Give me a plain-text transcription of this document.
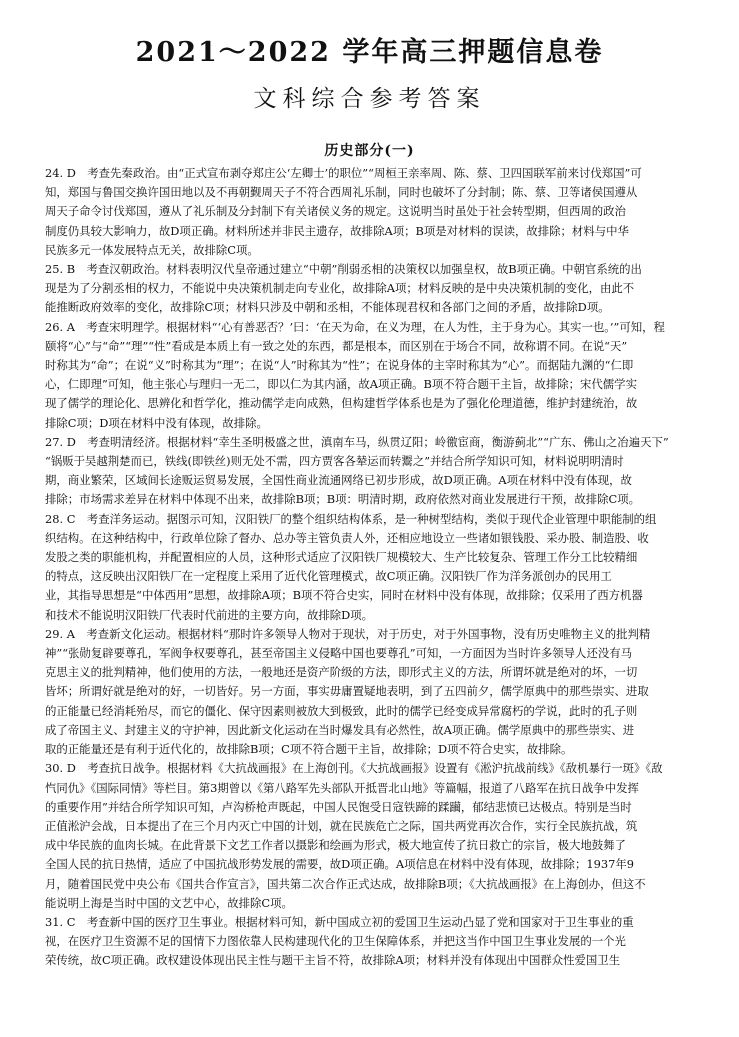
2021～2022 学年高三押题信息卷
文科综合参考答案
历史部分(一)
24. D　考查先秦政治。由“正式宣布剥夺郑庄公‘左卿士’的职位”“周桓王亲率周、陈、蔡、卫四国联军前来讨伐郑国”可
知，郑国与鲁国交换许国田地以及不再朝觐周天子不符合西周礼乐制，同时也破坏了分封制；陈、蔡、卫等诸侯国遵从
周天子命令讨伐郑国，遵从了礼乐制及分封制下有关诸侯义务的规定。这说明当时虽处于社会转型期，但西周的政治
制度仍具较大影响力，故D项正确。材料所述并非民主遗存，故排除A项；B项是对材料的误读，故排除；材料与中华
民族多元一体发展特点无关，故排除C项。
25. B　考查汉朝政治。材料表明汉代皇帝通过建立“中朝”削弱丞相的决策权以加强皇权，故B项正确。中朝官系统的出
现是为了分割丞相的权力，不能说中央决策机制走向专业化，故排除A项；材料反映的是中央决策机制的变化，由此不
能推断政府效率的变化，故排除C项；材料只涉及中朝和丞相，不能体现君权和各部门之间的矛盾，故排除D项。
26. A　考查宋明理学。根据材料“‘心有善恶否？’曰：‘在天为命，在义为理，在人为性，主于身为心。其实一也。’”可知，程
颐将“心”与“命”“理”“性”看成是本质上有一致之处的东西，都是根本，而区别在于场合不同，故称谓不同。在说“天”
时称其为“命”；在说“义”时称其为“理”；在说“人”时称其为“性”；在说身体的主宰时称其为“心”。而据陆九渊的“仁即
心，仁即理”可知，他主张心与理归一无二，即以仁为其内涵，故A项正确。B项不符合题干主旨，故排除；宋代儒学实
现了儒学的理论化、思辨化和哲学化，推动儒学走向成熟，但构建哲学体系也是为了强化伦理道德，维护封建统治，故
排除C项；D项在材料中没有体现，故排除。
27. D　考查明清经济。根据材料“幸生圣明极盛之世，滇南车马，纵贯辽阳；岭徼宦商，衡游蓟北”“广东、佛山之冶遍天下”
“锅贩于吴越荆楚而已，铁线(即铁丝)则无处不需，四方贾客各辇运而转鬻之”并结合所学知识可知，材料说明明清时
期，商业繁荣，区域间长途贩运贸易发展，全国性商业流通网络已初步形成，故D项正确。A项在材料中没有体现，故
排除；市场需求差异在材料中体现不出来，故排除B项；B项：明清时期，政府依然对商业发展进行干预，故排除C项。
28. C　考查洋务运动。据图示可知，汉阳铁厂的整个组织结构体系，是一种树型结构，类似于现代企业管理中职能制的组
织结构。在这种结构中，行政单位除了督办、总办等主管负责人外，还相应地设立一些诸如银钱股、采办股、制造股、收
发股之类的职能机构，并配置相应的人员，这种形式适应了汉阳铁厂规模较大、生产比较复杂、管理工作分工比较精细
的特点，这反映出汉阳铁厂在一定程度上采用了近代化管理模式，故C项正确。汉阳铁厂作为洋务派创办的民用工
业，其指导思想是“中体西用”思想，故排除A项；B项不符合史实，同时在材料中没有体现，故排除；仅采用了西方机器
和技术不能说明汉阳铁厂代表时代前进的主要方向，故排除D项。
29. A　考查新文化运动。根据材料“那时许多领导人物对于现状，对于历史，对于外国事物，没有历史唯物主义的批判精
神”“张勋复辟要尊孔，军阀争权要尊孔，甚至帝国主义侵略中国也要尊孔”可知，一方面因为当时许多领导人还没有马
克思主义的批判精神，他们使用的方法，一般地还是资产阶级的方法，即形式主义的方法，所谓坏就是绝对的坏，一切
皆坏；所谓好就是绝对的好，一切皆好。另一方面，事实毋庸置疑地表明，到了五四前夕，儒学原典中的那些崇实、进取
的正能量已经消耗殆尽，而它的僵化、保守因素则被放大到极致，此时的儒学已经变成异常腐朽的学说，此时的孔子则
成了帝国主义、封建主义的守护神，因此新文化运动在当时爆发具有必然性，故A项正确。儒学原典中的那些崇实、进
取的正能量还是有利于近代化的，故排除B项；C项不符合题干主旨，故排除；D项不符合史实，故排除。
30. D　考查抗日战争。根据材料《大抗战画报》在上海创刊。《大抗战画报》设置有《淞沪抗战前线》《敌机暴行一斑》《敌
忾同仇》《国际同情》等栏目。第3期曾以《第八路军先头部队开抵晋北山地》等篇幅，报道了八路军在抗日战争中发挥
的重要作用”并结合所学知识可知，卢沟桥枪声既起，中国人民饱受日寇铁蹄的蹂躏，郁结悲愤已达极点。特别是当时
正值淞沪会战，日本提出了在三个月内灭亡中国的计划，就在民族危亡之际，国共两党再次合作，实行全民族抗战，筑
成中华民族的血肉长城。在此背景下文艺工作者以摄影和绘画为形式，极大地宣传了抗日救亡的宗旨，极大地鼓舞了
全国人民的抗日热情，适应了中国抗战形势发展的需要，故D项正确。A项信息在材料中没有体现，故排除；1937年9
月，随着国民党中央公布《国共合作宣言》，国共第二次合作正式达成，故排除B项；《大抗战画报》在上海创办，但这不
能说明上海是当时中国的文艺中心，故排除C项。
31. C　考查新中国的医疗卫生事业。根据材料可知，新中国成立初的爱国卫生运动凸显了党和国家对于卫生事业的重
视，在医疗卫生资源不足的国情下力图依靠人民构建现代化的卫生保障体系，并把这当作中国卫生事业发展的一个光
荣传统，故C项正确。政权建设体现出民主性与题干主旨不符，故排除A项；材料并没有体现出中国群众性爱国卫生
